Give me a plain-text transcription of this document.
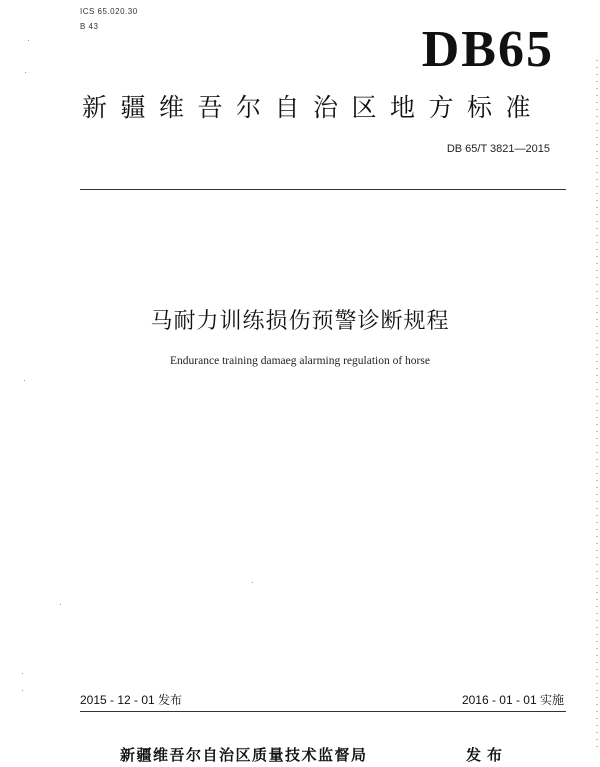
ICS 65.020.30
B 43	DB65
新疆维吾尔自治区地方标准
DB 65/T 3821—2015
马耐力训练损伤预警诊断规程
Endurance training damaeg alarming regulation of horse
2015 - 12 - 01 发布	2016 - 01 - 01 实施
新疆维吾尔自治区质量技术监督局	发布
